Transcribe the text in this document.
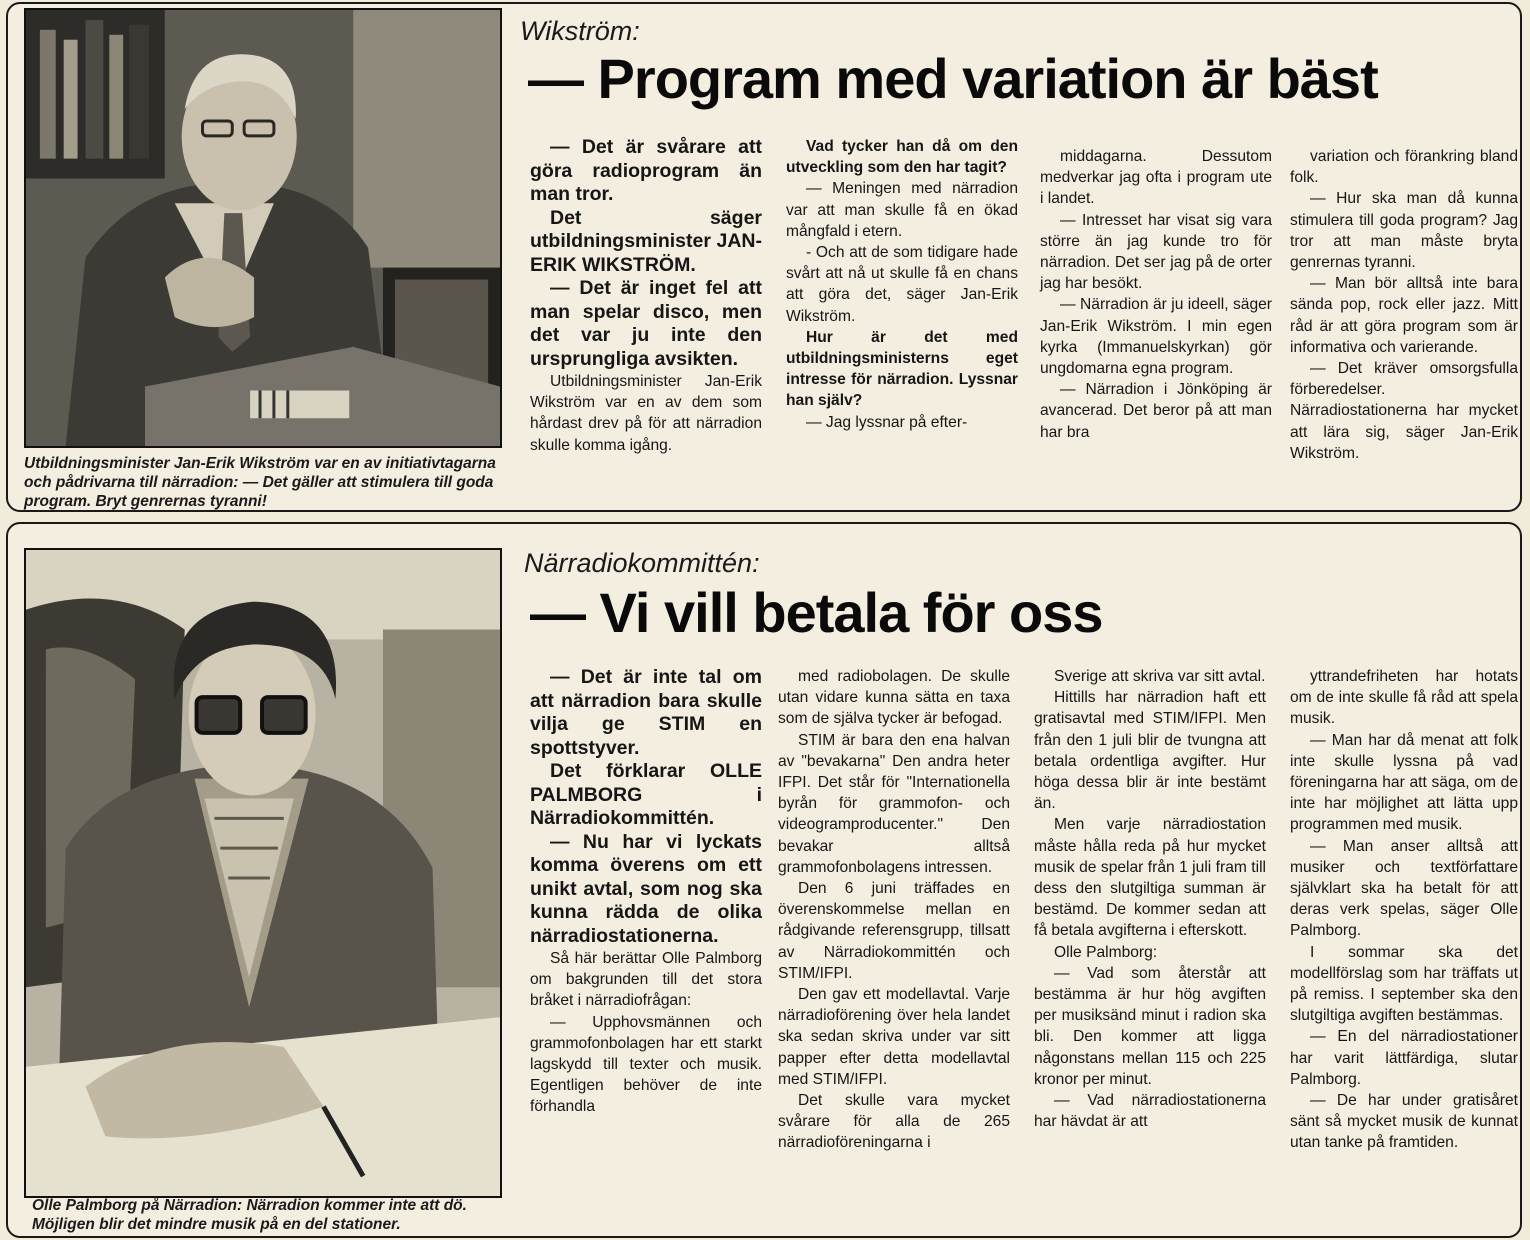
Utbildningsminister Jan-Erik Wikström var en av initiativtagarna och pådrivarna till närradion: — Det gäller att stimulera till goda program. Bryt genrernas tyranni!
Wikström:
— Program med variation är bäst

— Det är svårare att göra radioprogram än man tror.

Det säger utbildningsminister JAN-ERIK WIKSTRÖM.

— Det är inget fel att man spelar disco, men det var ju inte den ursprungliga avsikten.

Utbildningsminister Jan-Erik Wikström var en av dem som hårdast drev på för att närradion skulle komma igång.

Vad tycker han då om den utveckling som den har tagit?

— Meningen med närradion var att man skulle få en ökad mångfald i etern.

- Och att de som tidigare hade svårt att nå ut skulle få en chans att göra det, säger Jan-Erik Wikström.

Hur är det med utbildningsministerns eget intresse för närradion. Lyssnar han själv?

— Jag lyssnar på efter-

middagarna. Dessutom medverkar jag ofta i program ute i landet.

— Intresset har visat sig vara större än jag kunde tro för närradion. Det ser jag på de orter jag har besökt.

— Närradion är ju ideell, säger Jan-Erik Wikström. I min egen kyrka (Immanuelskyrkan) gör ungdomarna egna program.

— Närradion i Jönköping är avancerad. Det beror på att man har bra

variation och förankring bland folk.

— Hur ska man då kunna stimulera till goda program? Jag tror att man måste bryta genrernas tyranni.

— Man bör alltså inte bara sända pop, rock eller jazz. Mitt råd är att göra program som är informativa och varierande.

— Det kräver omsorgsfulla förberedelser. Närradiostationerna har mycket att lära sig, säger Jan-Erik Wikström.

Olle Palmborg på Närradion: Närradion kommer inte att dö. Möjligen blir det mindre musik på en del stationer.
Närradiokommittén:
— Vi vill betala för oss

— Det är inte tal om att närradion bara skulle vilja ge STIM en spottstyver.

Det förklarar OLLE PALMBORG i Närradiokommittén.

— Nu har vi lyckats komma överens om ett unikt avtal, som nog ska kunna rädda de olika närradiostationerna.

Så här berättar Olle Palmborg om bakgrunden till det stora bråket i närradiofrågan:

— Upphovsmännen och grammofonbolagen har ett starkt lagskydd till texter och musik. Egentligen behöver de inte förhandla

med radiobolagen. De skulle utan vidare kunna sätta en taxa som de själva tycker är befogad.

STIM är bara den ena halvan av "bevakarna" Den andra heter IFPI. Det står för "Internationella byrån för grammofon- och videogramproducenter." Den bevakar alltså grammofonbolagens intressen.

Den 6 juni träffades en överenskommelse mellan en rådgivande referensgrupp, tillsatt av Närradiokommittén och STIM/IFPI.

Den gav ett modellavtal. Varje närradioförening över hela landet ska sedan skriva under var sitt papper efter detta modellavtal med STIM/IFPI.

Det skulle vara mycket svårare för alla de 265 närradioföreningarna i

Sverige att skriva var sitt avtal.

Hittills har närradion haft ett gratisavtal med STIM/IFPI. Men från den 1 juli blir de tvungna att betala ordentliga avgifter. Hur höga dessa blir är inte bestämt än.

Men varje närradiostation måste hålla reda på hur mycket musik de spelar från 1 juli fram till dess den slutgiltiga summan är bestämd. De kommer sedan att få betala avgifterna i efterskott.

Olle Palmborg:

— Vad som återstår att bestämma är hur hög avgiften per musiksänd minut i radion ska bli. Den kommer att ligga någonstans mellan 115 och 225 kronor per minut.

— Vad närradiostationerna har hävdat är att

yttrandefriheten har hotats om de inte skulle få råd att spela musik.

— Man har då menat att folk inte skulle lyssna på vad föreningarna har att säga, om de inte har möjlighet att lätta upp programmen med musik.

— Man anser alltså att musiker och textförfattare självklart ska ha betalt för att deras verk spelas, säger Olle Palmborg.

I sommar ska det modellförslag som har träffats ut på remiss. I september ska den slutgiltiga avgiften bestämmas.

— En del närradiostationer har varit lättfärdiga, slutar Palmborg.

— De har under gratisåret sänt så mycket musik de kunnat utan tanke på framtiden.
